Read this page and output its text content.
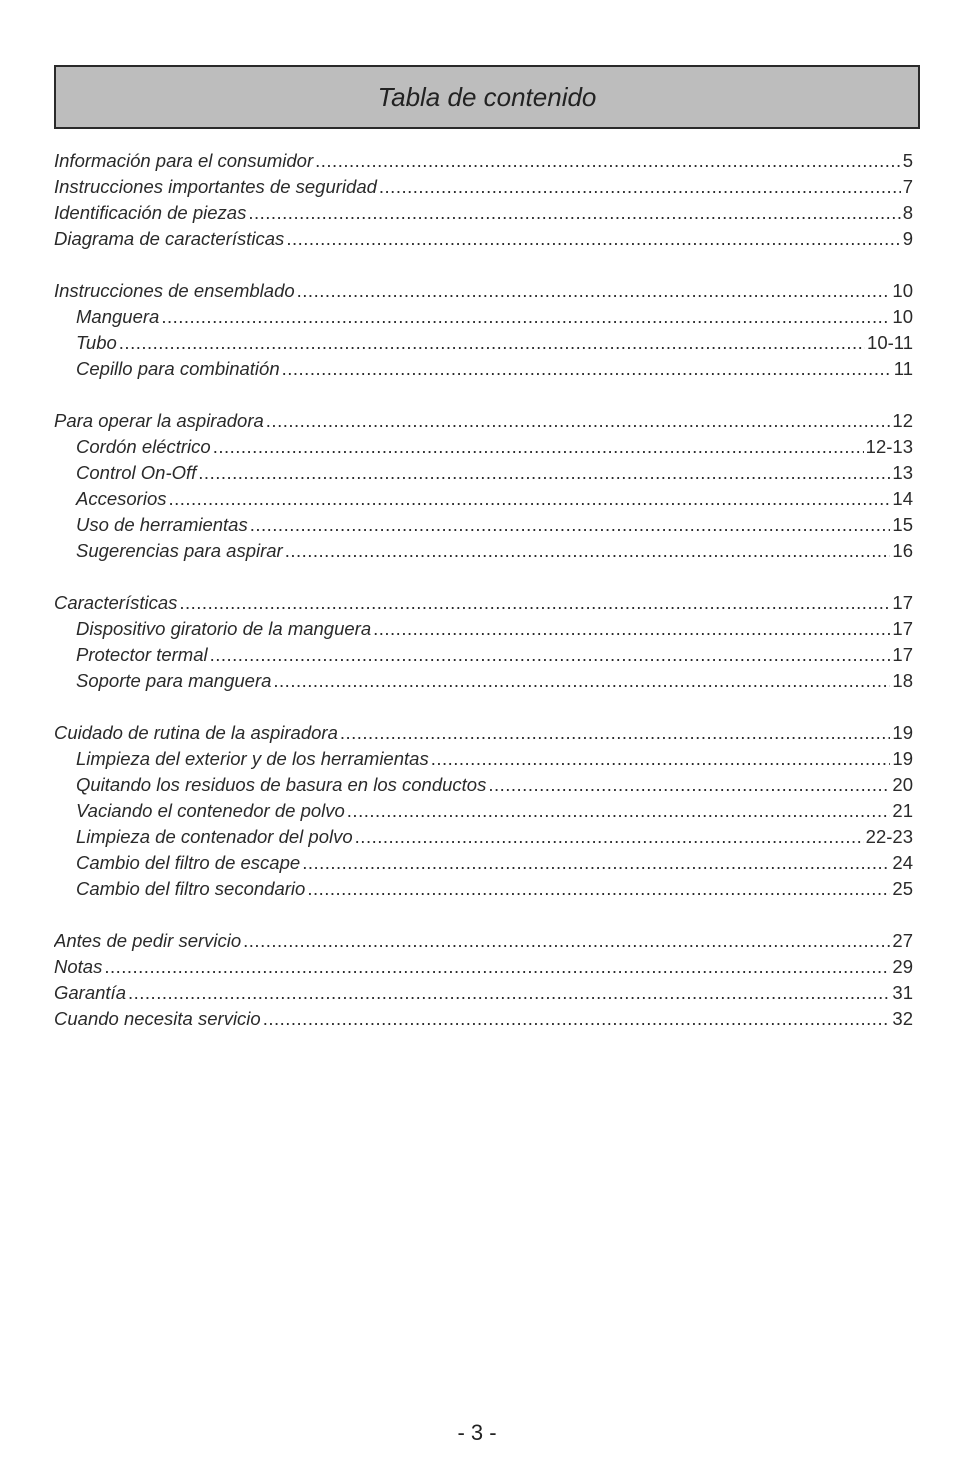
Tabla de contenido
Información para el consumidor .....	5
Instrucciones importantes de seguridad .....	7
Identificación de piezas .....	8
Diagrama de características .....	9
Instrucciones de ensemblado .....	10
Manguera .....	10
Tubo .....	10-11
Cepillo para combinatión .....	11
Para operar la aspiradora .....	12
Cordón eléctrico .....	12-13
Control On-Off .....	13
Accesorios .....	14
Uso de herramientas .....	15
Sugerencias para aspirar .....	16
Características .....	17
Dispositivo giratorio de la manguera .....	17
Protector termal .....	17
Soporte para manguera .....	18
Cuidado de rutina de la aspiradora .....	19
Limpieza del exterior y de los herramientas .....	19
Quitando los residuos de basura en los conductos .....	20
Vaciando el contenedor de polvo .....	21
Limpieza de contenador del polvo .....	22-23
Cambio del filtro de escape .....	24
Cambio del filtro secondario .....	25
Antes de pedir servicio .....	27
Notas .....	29
Garantía .....	31
Cuando necesita servicio .....	32
- 3 -
